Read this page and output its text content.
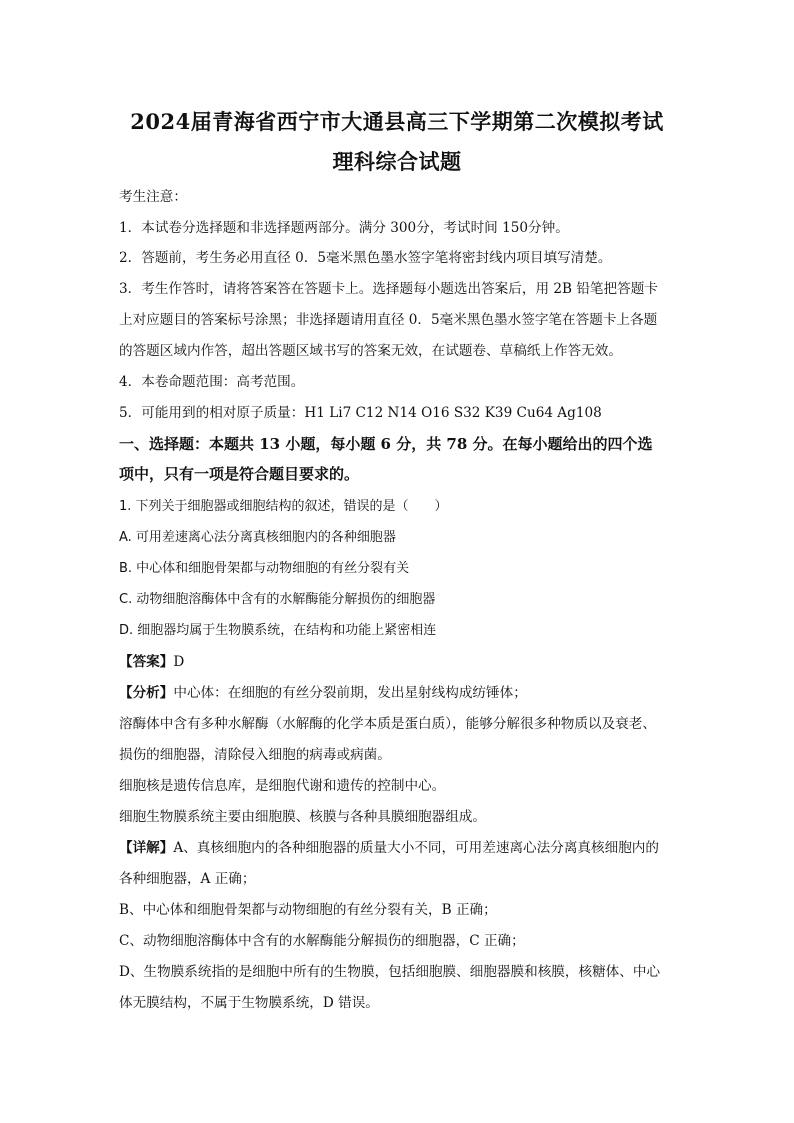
2024届青海省西宁市大通县高三下学期第二次模拟考试
理科综合试题
考生注意：
1．本试卷分选择题和非选择题两部分。满分 300分，考试时间 150分钟。
2．答题前，考生务必用直径 0．5毫米黑色墨水签字笔将密封线内项目填写清楚。
3．考生作答时，请将答案答在答题卡上。选择题每小题选出答案后，用 2B 铅笔把答题卡
上对应题目的答案标号涂黑；非选择题请用直径 0．5毫米黑色墨水签字笔在答题卡上各题
的答题区域内作答，超出答题区域书写的答案无效，在试题卷、草稿纸上作答无效。
4．本卷命题范围：高考范围。
5．可能用到的相对原子质量：H1 Li7 C12 N14 O16 S32 K39 Cu64 Ag108
一、选择题：本题共 13 小题，每小题 6 分，共 78 分。在每小题给出的四个选
项中，只有一项是符合题目要求的。
1. 下列关于细胞器或细胞结构的叙述，错误的是（　　）
A. 可用差速离心法分离真核细胞内的各种细胞器
B. 中心体和细胞骨架都与动物细胞的有丝分裂有关
C. 动物细胞溶酶体中含有的水解酶能分解损伤的细胞器
D. 细胞器均属于生物膜系统，在结构和功能上紧密相连
【答案】D
【分析】中心体：在细胞的有丝分裂前期，发出星射线构成纺锤体；
溶酶体中含有多种水解酶（水解酶的化学本质是蛋白质），能够分解很多种物质以及衰老、
损伤的细胞器，清除侵入细胞的病毒或病菌。
细胞核是遗传信息库，是细胞代谢和遗传的控制中心。
细胞生物膜系统主要由细胞膜、核膜与各种具膜细胞器组成。
【详解】A、真核细胞内的各种细胞器的质量大小不同，可用差速离心法分离真核细胞内的
各种细胞器，A 正确；
B、中心体和细胞骨架都与动物细胞的有丝分裂有关，B 正确；
C、动物细胞溶酶体中含有的水解酶能分解损伤的细胞器，C 正确；
D、生物膜系统指的是细胞中所有的生物膜，包括细胞膜、细胞器膜和核膜，核糖体、中心
体无膜结构，不属于生物膜系统，D 错误。
